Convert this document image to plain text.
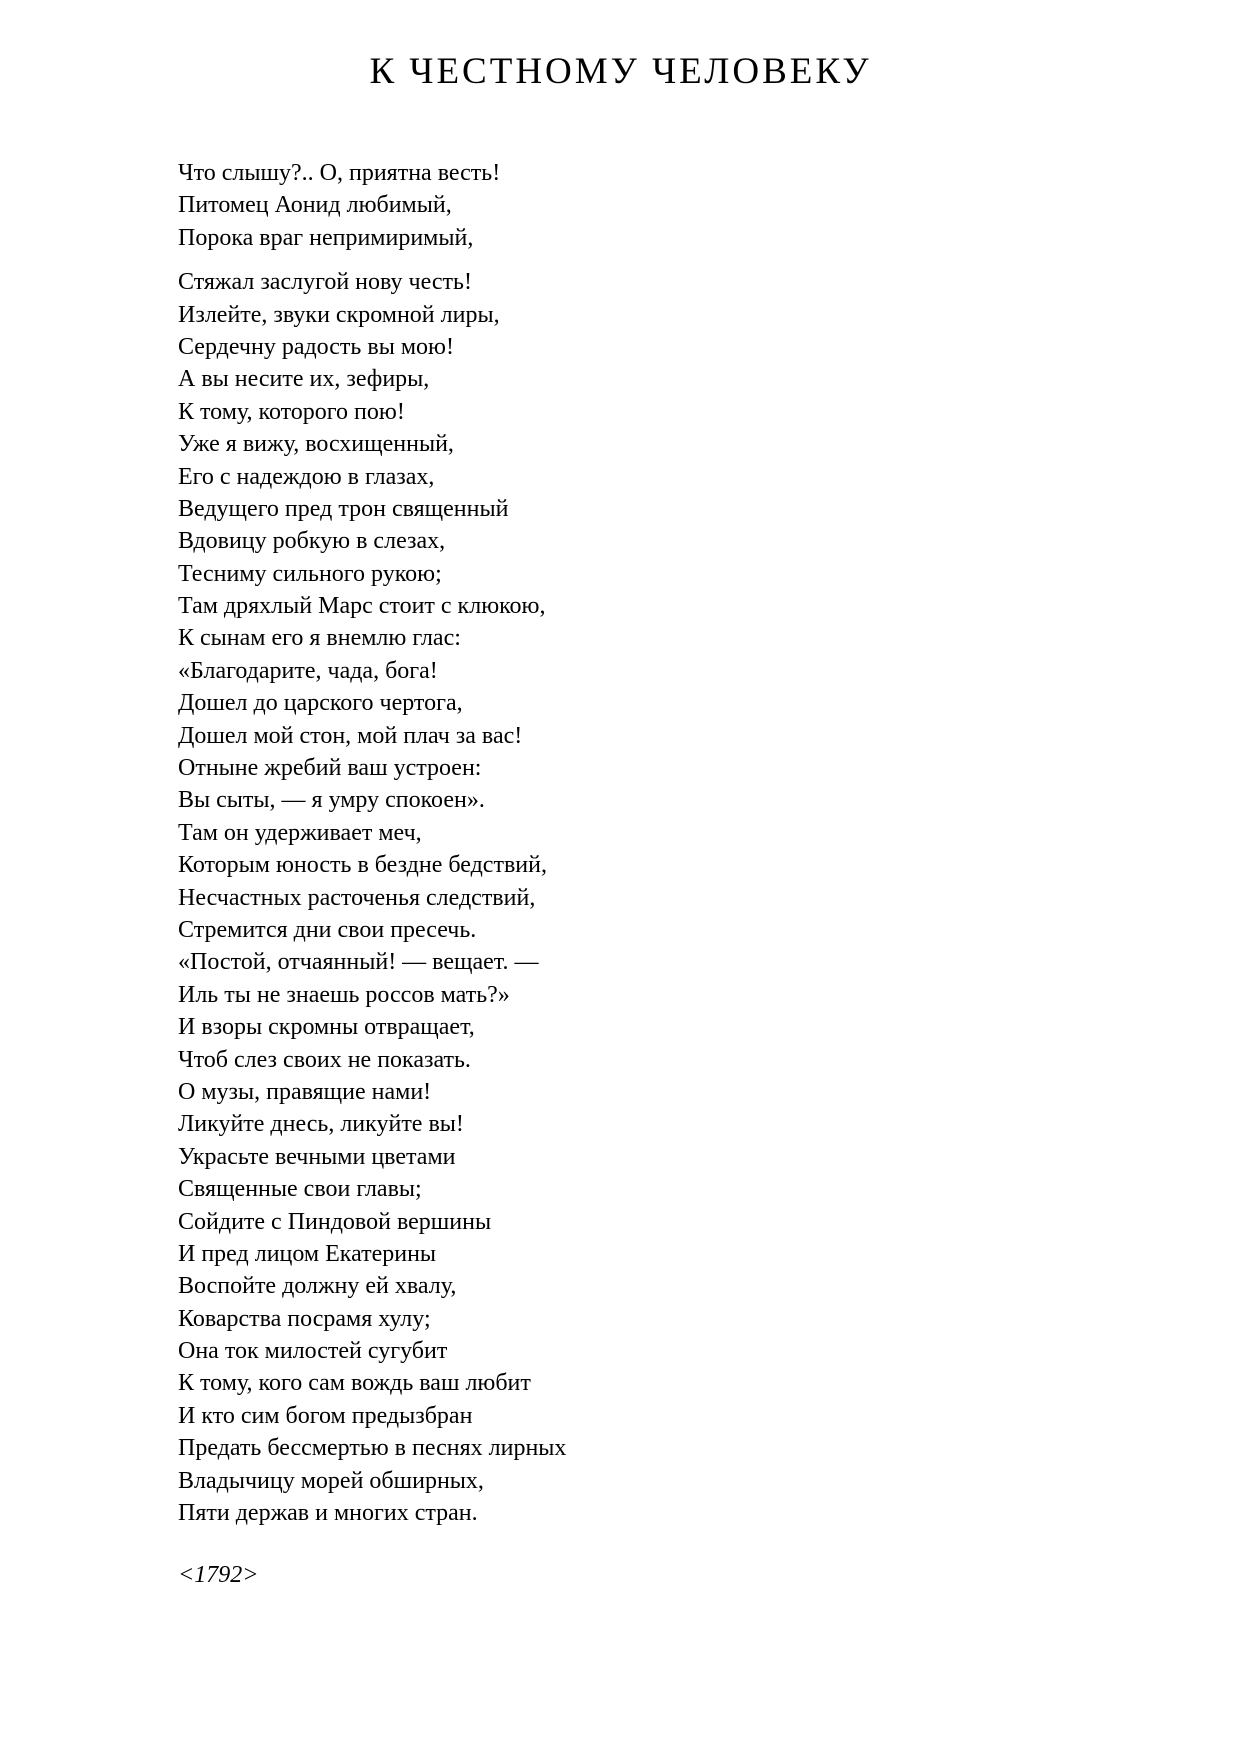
К ЧЕСТНОМУ ЧЕЛОВЕКУ
Что слышу?.. О, приятна весть!
Питомец Аонид любимый,
Порока враг непримиримый,
Стяжал заслугой нову честь!
Излейте, звуки скромной лиры,
Сердечну радость вы мою!
А вы несите их, зефиры,
К тому, которого пою!
Уже я вижу, восхищенный,
Его с надеждою в глазах,
Ведущего пред трон священный
Вдовицу робкую в слезах,
Тесниму сильного рукою;
Там дряхлый Марс стоит с клюкою,
К сынам его я внемлю глас:
«Благодарите, чада, бога!
Дошел до царского чертога,
Дошел мой стон, мой плач за вас!
Отныне жребий ваш устроен:
Вы сыты, — я умру спокоен».
Там он удерживает меч,
Которым юность в бездне бедствий,
Несчастных расточенья следствий,
Стремится дни свои пресечь.
«Постой, отчаянный! — вещает. —
Иль ты не знаешь россов мать?»
И взоры скромны отвращает,
Чтоб слез своих не показать.
О музы, правящие нами!
Ликуйте днесь, ликуйте вы!
Украсьте вечными цветами
Священные свои главы;
Сойдите с Пиндовой вершины
И пред лицом Екатерины
Воспойте должну ей хвалу,
Коварства посрамя хулу;
Она ток милостей сугубит
К тому, кого сам вождь ваш любит
И кто сим богом предызбран
Предать бессмертью в песнях лирных
Владычицу морей обширных,
Пяти держав и многих стран.
<1792>
